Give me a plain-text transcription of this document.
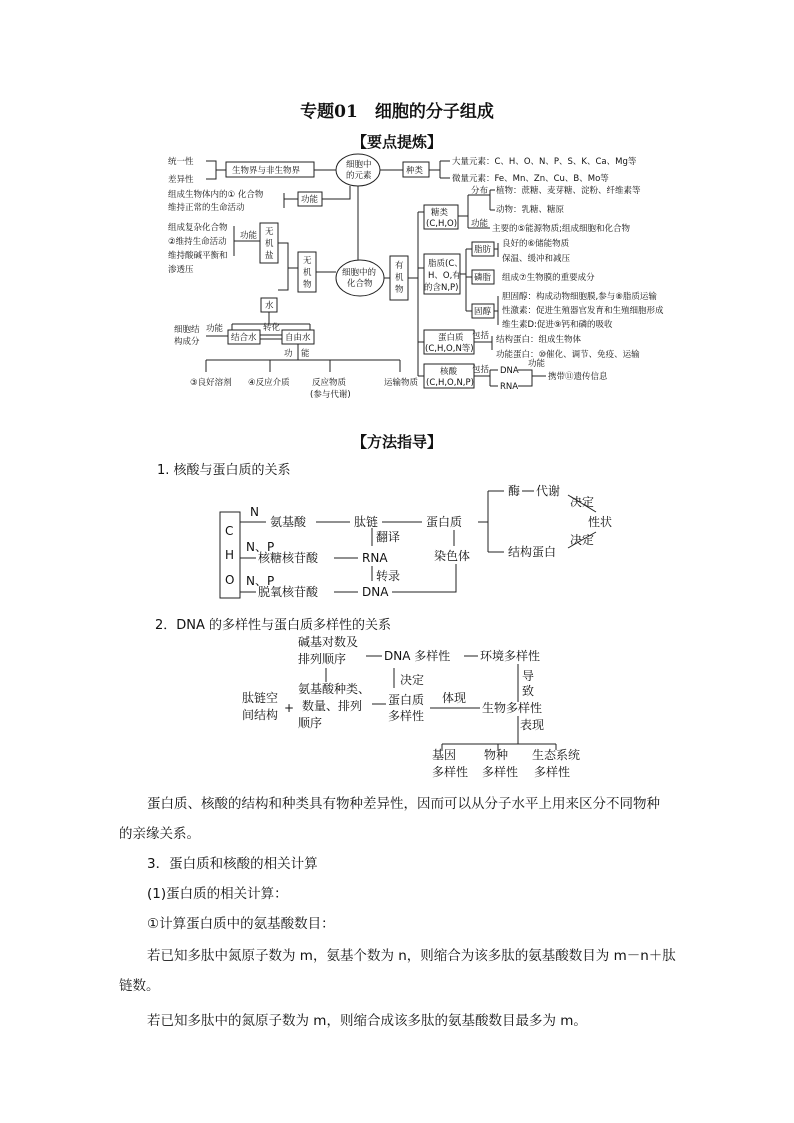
专题01　细胞的分子组成
【要点提炼】
统一性
差异性
生物界与非生物界
细胞中
的元素	种类
大量元素：C、H、O、N、P、S、K、Ca、Mg等
微量元素：Fe、Mn、Zn、Cu、B、Mo等
组成生物体内的① 化合物
维持正常的生命活动
功能
组成复杂化合物
②维持生命活动
维持酸碱平衡和
渗透压
功能 无
机
盐	无
机
物
细胞中的
化合物
有
机
物
水
细胞结
构成分
功能
结合水
转化
自由水
功　能
③良好溶剂 ④反应介质	反应物质
(参与代谢)
运输物质
糖类
(C,H,O)
分布
功能
植物：蔗糖、麦芽糖、淀粉、纤维素等
动物：乳糖、糖原
主要的⑤能源物质;组成细胞和化合物
脂质(C、
H、O,有
的含N,P)
脂肪
磷脂
固醇
良好的⑥储能物质
保温、缓冲和减压
组成⑦生物膜的重要成分
胆固醇：构成动物细胞膜,参与⑧脂质运输
性激素：促进生殖器官发育和生殖细胞形成
维生素D:促进⑨钙和磷的吸收
蛋白质
(C,H,O,N等)
包括 结构蛋白：组成生物体
功能蛋白：⑩催化、调节、免疫、运输
核酸
(C,H,O,N,P)
包括 DNA
RNA
功能
携带⑪遗传信息
【方法指导】
1. 核酸与蛋白质的关系
C
H
O
N
氨基酸	肽链	蛋白质
N、P
核糖核苷酸	RNA
翻译
N、P
脱氧核苷酸	DNA
转录
染色体
酶 代谢
决定
性状
决定
结构蛋白
2．DNA 的多样性与蛋白质多样性的关系
碱基对数及
排列顺序	DNA 多样性 环境多样性
导
致
肽链空
间结构 +
氨基酸种类、
数量、排列
顺序
决定
蛋白质
多样性
体现
生物多样性
表现
基因
多样性
物种
多样性
生态系统
多样性
蛋白质、核酸的结构和种类具有物种差异性，因而可以从分子水平上用来区分不同物种
的亲缘关系。
3．蛋白质和核酸的相关计算
(1)蛋白质的相关计算：
①计算蛋白质中的氨基酸数目：
若已知多肽中氮原子数为 m，氨基个数为 n，则缩合为该多肽的氨基酸数目为 m－n＋肽
链数。
若已知多肽中的氮原子数为 m，则缩合成该多肽的氨基酸数目最多为 m。
